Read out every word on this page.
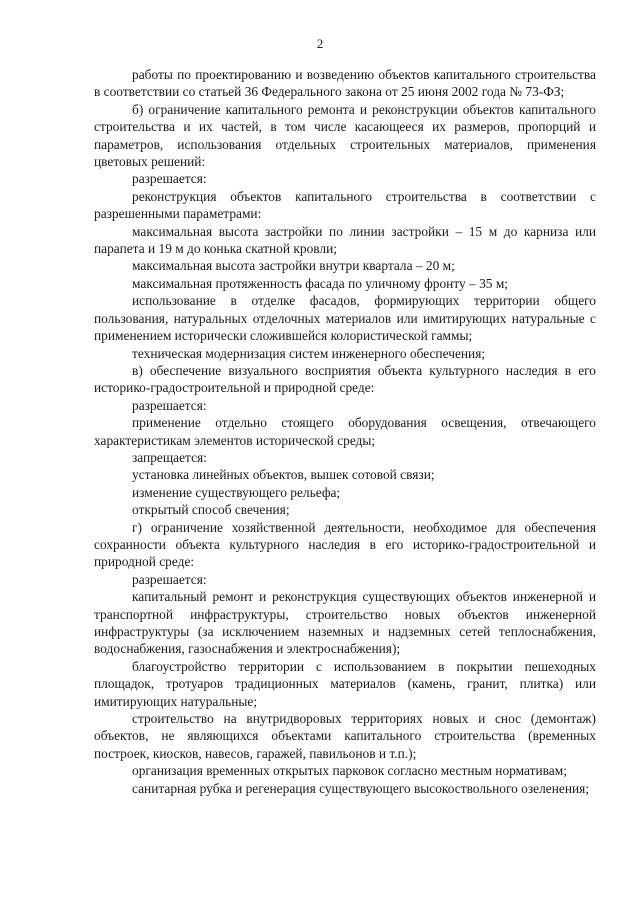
2

работы по проектированию и возведению объектов капитального строительства в соответствии со статьей 36 Федерального закона от 25 июня 2002 года № 73-ФЗ;

б) ограничение капитального ремонта и реконструкции объектов капитального строительства и их частей, в том числе касающееся их размеров, пропорций и параметров, использования отдельных строительных материалов, применения цветовых решений:

разрешается:

реконструкция объектов капитального строительства в соответствии с разрешенными параметрами:

максимальная высота застройки по линии застройки – 15 м до карниза или парапета и 19 м до конька скатной кровли;

максимальная высота застройки внутри квартала – 20 м;

максимальная протяженность фасада по уличному фронту – 35 м;

использование в отделке фасадов, формирующих территории общего пользования, натуральных отделочных материалов или имитирующих натуральные с применением исторически сложившейся колористической гаммы;

техническая модернизация систем инженерного обеспечения;

в) обеспечение визуального восприятия объекта культурного наследия в его историко-градостроительной и природной среде:

разрешается:

применение отдельно стоящего оборудования освещения, отвечающего характеристикам элементов исторической среды;

запрещается:

установка линейных объектов, вышек сотовой связи;

изменение существующего рельефа;

открытый способ свечения;

г) ограничение хозяйственной деятельности, необходимое для обеспечения сохранности объекта культурного наследия в его историко-градостроительной и природной среде:

разрешается:

капитальный ремонт и реконструкция существующих объектов инженерной и транспортной инфраструктуры, строительство новых объектов инженерной инфраструктуры (за исключением наземных и надземных сетей теплоснабжения, водоснабжения, газоснабжения и электроснабжения);

благоустройство территории с использованием в покрытии пешеходных площадок, тротуаров традиционных материалов (камень, гранит, плитка) или имитирующих натуральные;

строительство на внутридворовых территориях новых и снос (демонтаж) объектов, не являющихся объектами капитального строительства (временных построек, киосков, навесов, гаражей, павильонов и т.п.);

организация временных открытых парковок согласно местным нормативам;

санитарная рубка и регенерация существующего высокоствольного озеленения;
